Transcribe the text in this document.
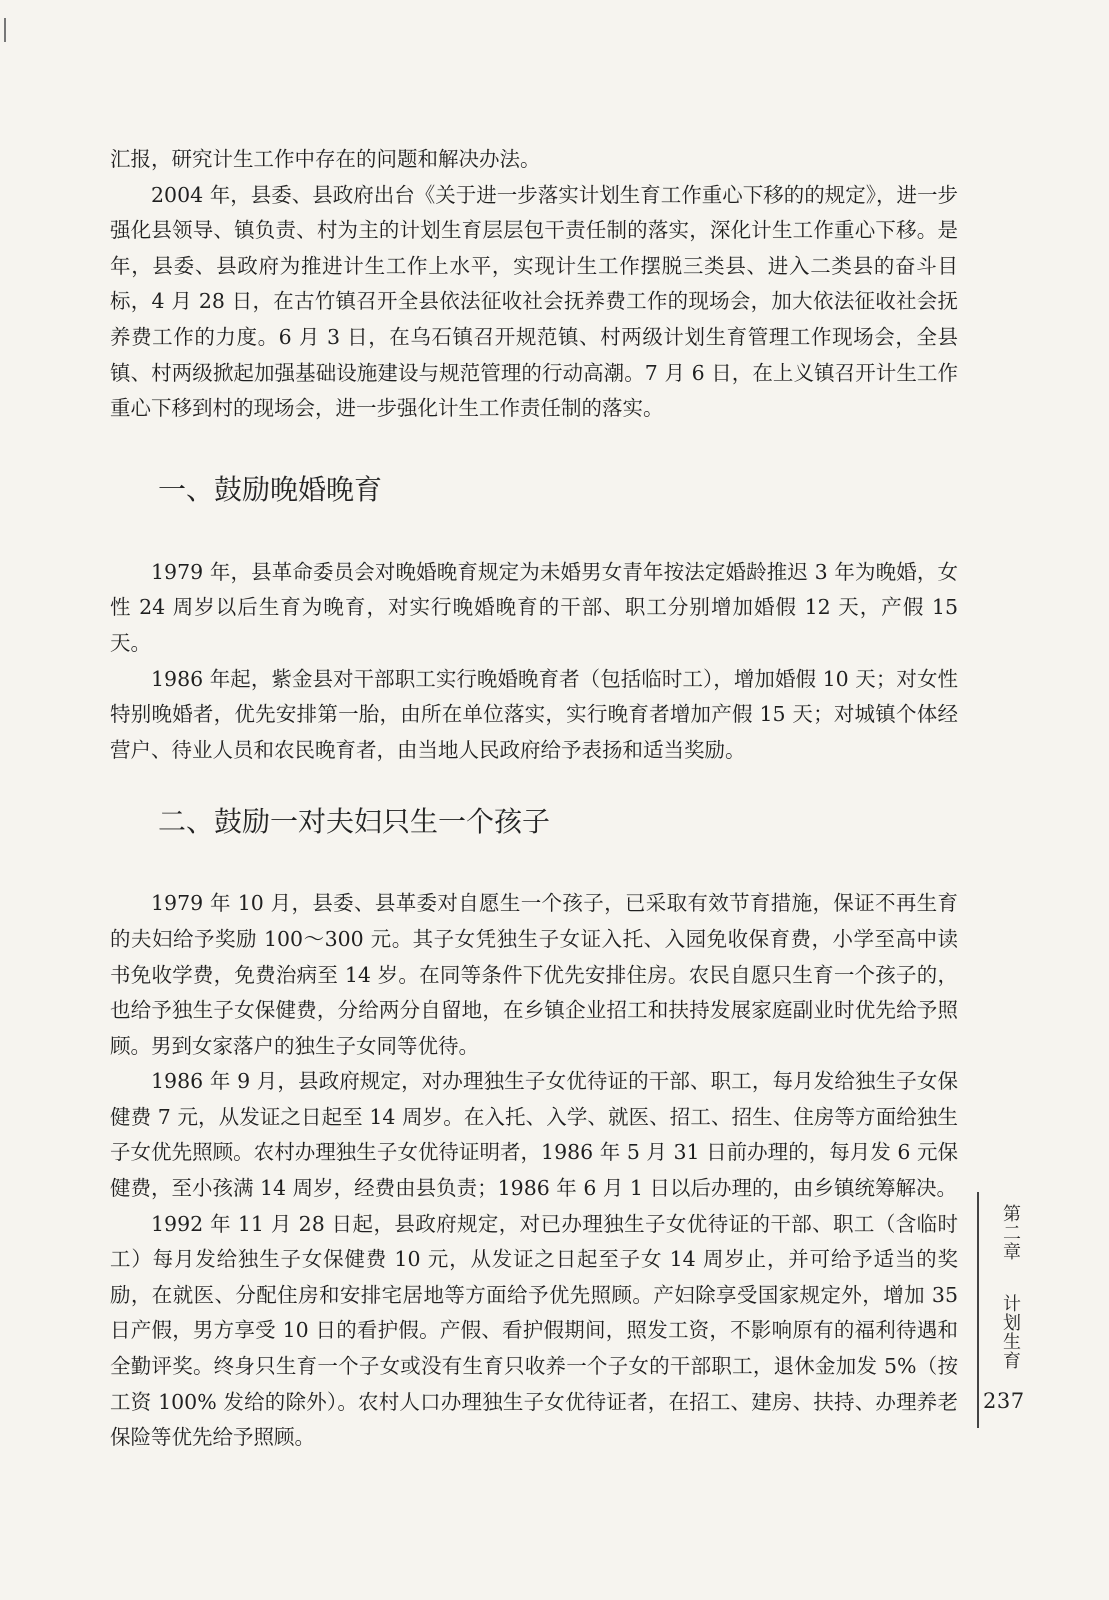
汇报，研究计生工作中存在的问题和解决办法。

2004 年，县委、县政府出台《关于进一步落实计划生育工作重心下移的的规定》，进一步强化县领导、镇负责、村为主的计划生育层层包干责任制的落实，深化计生工作重心下移。是年，县委、县政府为推进计生工作上水平，实现计生工作摆脱三类县、进入二类县的奋斗目标，4 月 28 日，在古竹镇召开全县依法征收社会抚养费工作的现场会，加大依法征收社会抚养费工作的力度。6 月 3 日，在乌石镇召开规范镇、村两级计划生育管理工作现场会，全县镇、村两级掀起加强基础设施建设与规范管理的行动高潮。7 月 6 日，在上义镇召开计生工作重心下移到村的现场会，进一步强化计生工作责任制的落实。

一、鼓励晚婚晚育

1979 年，县革命委员会对晚婚晚育规定为未婚男女青年按法定婚龄推迟 3 年为晚婚，女性 24 周岁以后生育为晚育，对实行晚婚晚育的干部、职工分别增加婚假 12 天，产假 15 天。

1986 年起，紫金县对干部职工实行晚婚晚育者（包括临时工），增加婚假 10 天；对女性特别晚婚者，优先安排第一胎，由所在单位落实，实行晚育者增加产假 15 天；对城镇个体经营户、待业人员和农民晚育者，由当地人民政府给予表扬和适当奖励。

二、鼓励一对夫妇只生一个孩子

1979 年 10 月，县委、县革委对自愿生一个孩子，已采取有效节育措施，保证不再生育的夫妇给予奖励 100～300 元。其子女凭独生子女证入托、入园免收保育费，小学至高中读书免收学费，免费治病至 14 岁。在同等条件下优先安排住房。农民自愿只生育一个孩子的，也给予独生子女保健费，分给两分自留地，在乡镇企业招工和扶持发展家庭副业时优先给予照顾。男到女家落户的独生子女同等优待。

1986 年 9 月，县政府规定，对办理独生子女优待证的干部、职工，每月发给独生子女保健费 7 元，从发证之日起至 14 周岁。在入托、入学、就医、招工、招生、住房等方面给独生子女优先照顾。农村办理独生子女优待证明者，1986 年 5 月 31 日前办理的，每月发 6 元保健费，至小孩满 14 周岁，经费由县负责；1986 年 6 月 1 日以后办理的，由乡镇统筹解决。

1992 年 11 月 28 日起，县政府规定，对已办理独生子女优待证的干部、职工（含临时工）每月发给独生子女保健费 10 元，从发证之日起至子女 14 周岁止，并可给予适当的奖励，在就医、分配住房和安排宅居地等方面给予优先照顾。产妇除享受国家规定外，增加 35 日产假，男方享受 10 日的看护假。产假、看护假期间，照发工资，不影响原有的福利待遇和全勤评奖。终身只生育一个子女或没有生育只收养一个子女的干部职工，退休金加发 5%（按工资 100% 发给的除外）。农村人口办理独生子女优待证者，在招工、建房、扶持、办理养老保险等优先给予照顾。

第二章
计划生育
237
